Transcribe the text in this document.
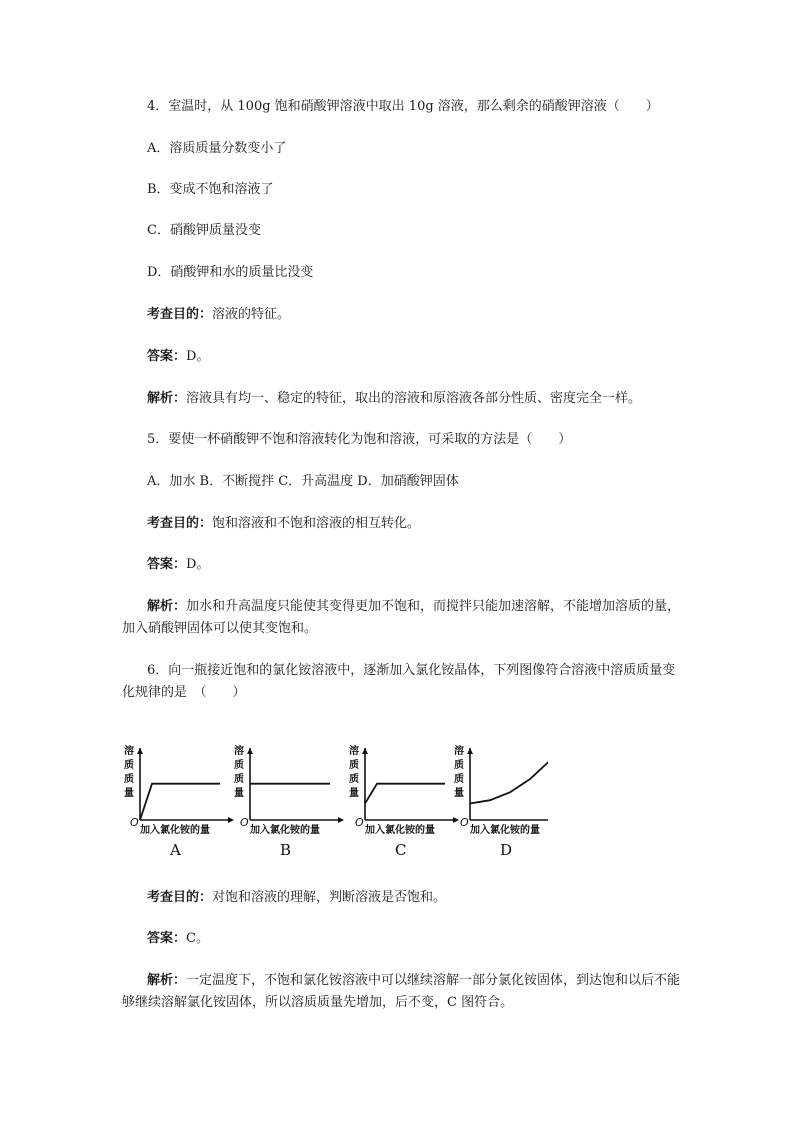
4．室温时，从 100g 饱和硝酸钾溶液中取出 10g 溶液，那么剩余的硝酸钾溶液（　　）

A．溶质质量分数变小了

B．变成不饱和溶液了

C．硝酸钾质量没变

D．硝酸钾和水的质量比没变

考查目的：溶液的特征。

答案：D。

解析：溶液具有均一、稳定的特征，取出的溶液和原溶液各部分性质、密度完全一样。

5．要使一杯硝酸钾不饱和溶液转化为饱和溶液，可采取的方法是（　　）

A．加水 B．不断搅拌 C．升高温度 D．加硝酸钾固体

考查目的：饱和溶液和不饱和溶液的相互转化。

答案：D。

解析：加水和升高温度只能使其变得更加不饱和，而搅拌只能加速溶解，不能增加溶质的量，加入硝酸钾固体可以使其变饱和。

6．向一瓶接近饱和的氯化铵溶液中，逐渐加入氯化铵晶体，下列图像符合溶液中溶质质量变化规律的是　（　　）

溶
质
质
量
O
加入氯化铵的量
A
溶
质
质
量
O
加入氯化铵的量
B
溶
质
质
量
O
加入氯化铵的量
C
溶
质
质
量
O
加入氯化铵的量
D

考查目的：对饱和溶液的理解，判断溶液是否饱和。

答案：C。

解析：一定温度下，不饱和氯化铵溶液中可以继续溶解一部分氯化铵固体，到达饱和以后不能够继续溶解氯化铵固体，所以溶质质量先增加，后不变，C 图符合。
